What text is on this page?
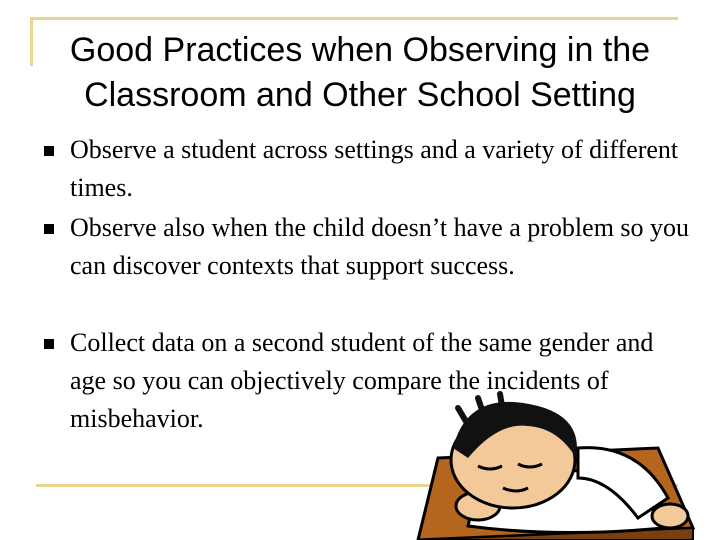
Observe a student across settings and a variety of different times.
Observe also when the child doesn’t have a problem so you can discover contexts that support success.
Collect data on a second student of the same gender and age so you can objectively compare the incidents of misbehavior.
Good Practices when Observing in the Classroom and Other School Setting
